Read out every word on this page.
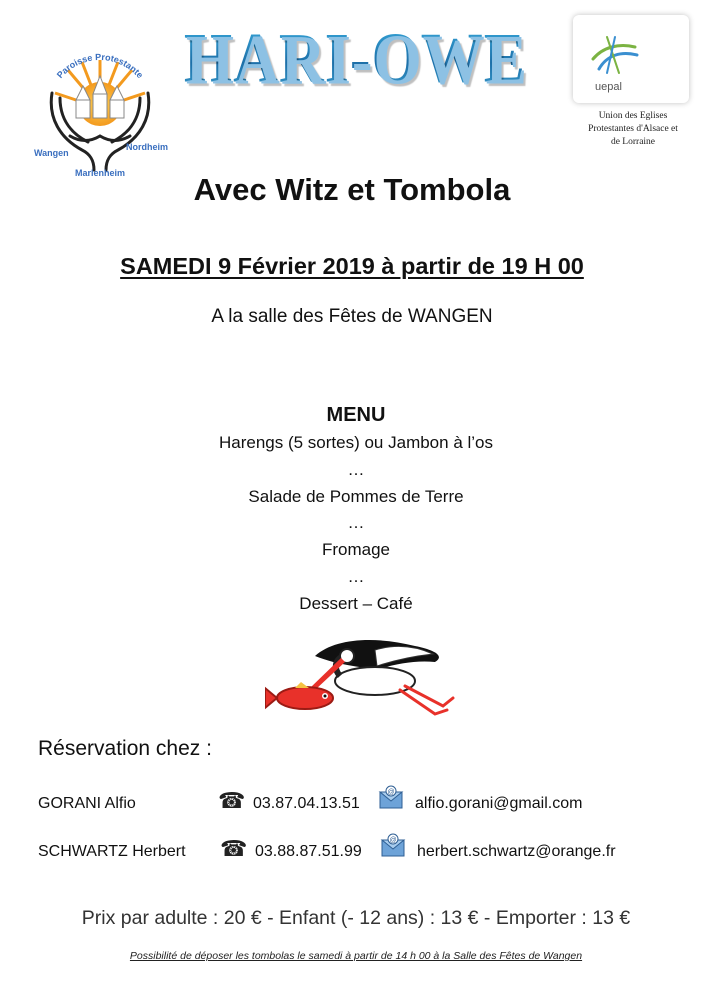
Paroisse Protestante
Wangen
Nordheim
Marlenheim
HARI-OWE	uepal
Union des Eglises
Protestantes d'Alsace et
de Lorraine
Avec Witz et Tombola
SAMEDI 9 Février 2019 à partir de 19 H 00
A la salle des Fêtes de WANGEN
MENU
Harengs (5 sortes) ou Jambon à l’os
…
Salade de Pommes de Terre
…
Fromage
…
Dessert – Café
Réservation chez :
GORANI Alfio	☎ 03.87.04.13.51
@
alfio.gorani@gmail.com
SCHWARTZ Herbert ☎ 03.88.87.51.99
@
herbert.schwartz@orange.fr
Prix par adulte : 20 € - Enfant (- 12 ans) : 13 € - Emporter : 13 €
Possibilité de déposer les tombolas le samedi à partir de 14 h 00 à la Salle des Fêtes de Wangen
